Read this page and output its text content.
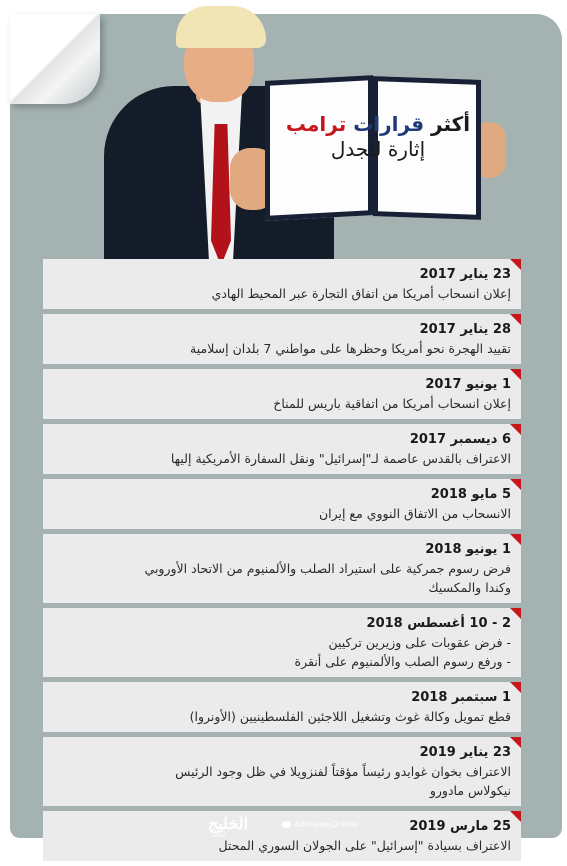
أكثر قرارات ترامب
إثارة للجدل
23 يناير 2017
إعلان انسحاب أمريكا من اتفاق التجارة عبر المحيط الهادي
28 يناير 2017
تقييد الهجرة نحو أمريكا وحظرها على مواطني 7 بلدان إسلامية
1 يونيو 2017
إعلان انسحاب أمريكا من اتفاقية باريس للمناخ
6 ديسمبر 2017
الاعتراف بالقدس عاصمة لـ"إسرائيل" ونقل السفارة الأمريكية إليها
5 مايو 2018
الانسحاب من الاتفاق النووي مع إيران
1 يونيو 2018
فرض رسوم جمركية على استيراد الصلب والألمنيوم من الاتحاد الأوروبي
وكندا والمكسيك
2 - 10 أغسطس 2018
- فرض عقوبات على وزيرين تركيين
- ورفع رسوم الصلب والألمنيوم على أنقرة
1 سبتمبر 2018
قطع تمويل وكالة غوث وتشغيل اللاجئين الفلسطينيين (الأونروا)
23 يناير 2019
الاعتراف بخوان غوايدو رئيساً مؤقتاً لفنزويلا في ظل وجود الرئيس
نيكولاس مادورو
25 مارس 2019
الاعتراف بسيادة "إسرائيل" على الجولان السوري المحتل
الخليج
أونلاين
AlKhaleejOnline
